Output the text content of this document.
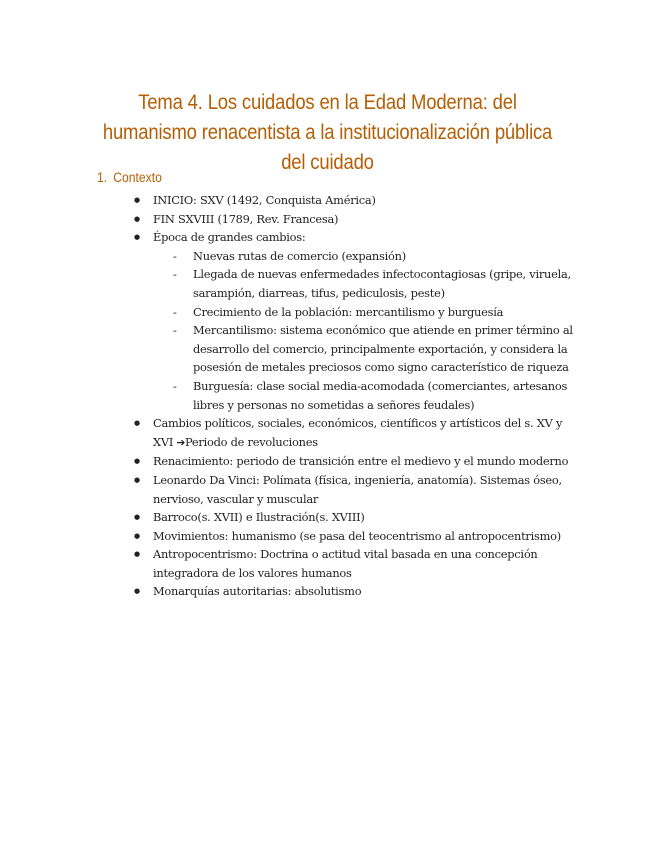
Tema 4. Los cuidados en la Edad Moderna: del humanismo renacentista a la institucionalización pública del cuidado
1. Contexto
● INICIO: SXV (1492, Conquista América)
● FIN SXVIII (1789, Rev. Francesa)
● Época de grandes cambios:
- Nuevas rutas de comercio (expansión)
- Llegada de nuevas enfermedades infectocontagiosas (gripe, viruela, sarampión, diarreas, tifus, pediculosis, peste)
- Crecimiento de la población: mercantilismo y burguesía
- Mercantilismo: sistema económico que atiende en primer término al desarrollo del comercio, principalmente exportación, y considera la posesión de metales preciosos como signo característico de riqueza
- Burguesía: clase social media-acomodada (comerciantes, artesanos libres y personas no sometidas a señores feudales)
● Cambios políticos, sociales, económicos, científicos y artísticos del s. XV y XVI ➔Periodo de revoluciones
● Renacimiento: periodo de transición entre el medievo y el mundo moderno
● Leonardo Da Vinci: Polímata (física, ingeniería, anatomía). Sistemas óseo, nervioso, vascular y muscular
● Barroco(s. XVII) e Ilustración(s. XVIII)
● Movimientos: humanismo (se pasa del teocentrismo al antropocentrismo)
● Antropocentrismo: Doctrina o actitud vital basada en una concepción integradora de los valores humanos
● Monarquías autoritarias: absolutismo
